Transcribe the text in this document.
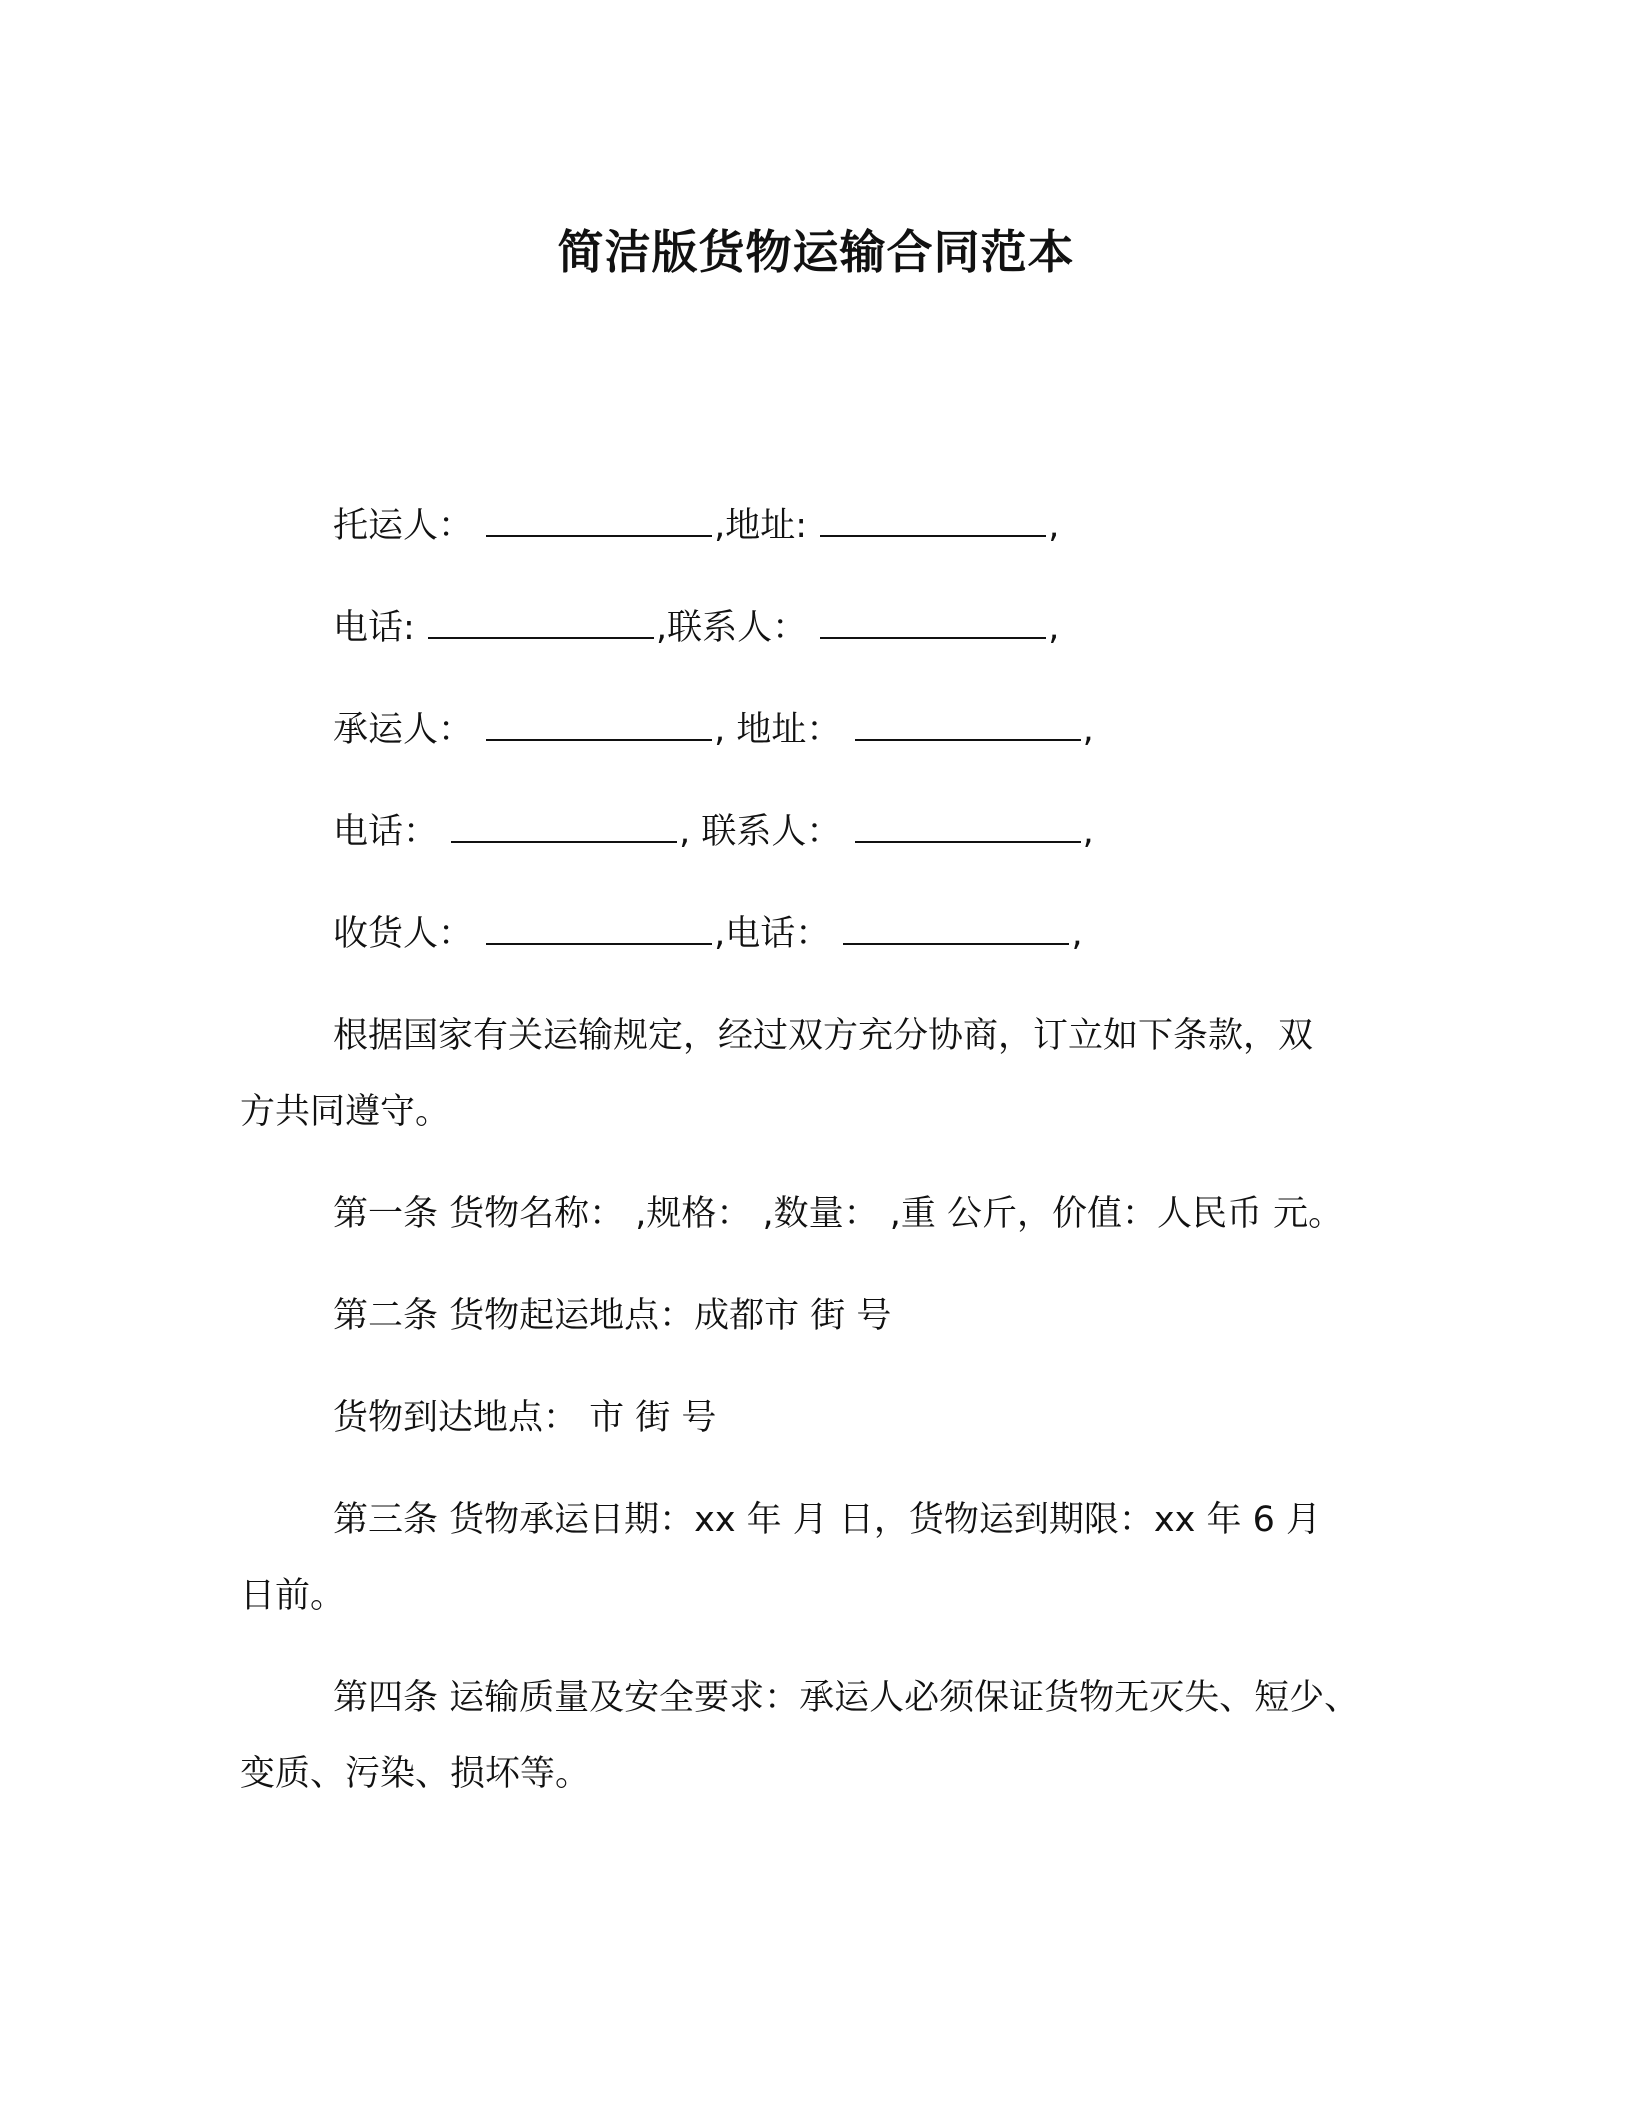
简洁版货物运输合同范本
托运人：	,地址:	,
电话:	,联系人：	,
承运人：	, 地址：	,
电话：	, 联系人：	,
收货人：	,电话：	,
根据国家有关运输规定，经过双方充分协商，订立如下条款，双
方共同遵守。
第一条 货物名称： ,规格： ,数量： ,重 公斤，价值：人民币 元。
第二条 货物起运地点：成都市 街 号
货物到达地点： 市 街 号
第三条 货物承运日期：xx 年 月 日，货物运到期限：xx 年 6 月
日前。
第四条 运输质量及安全要求：承运人必须保证货物无灭失、短少、
变质、污染、损坏等。
